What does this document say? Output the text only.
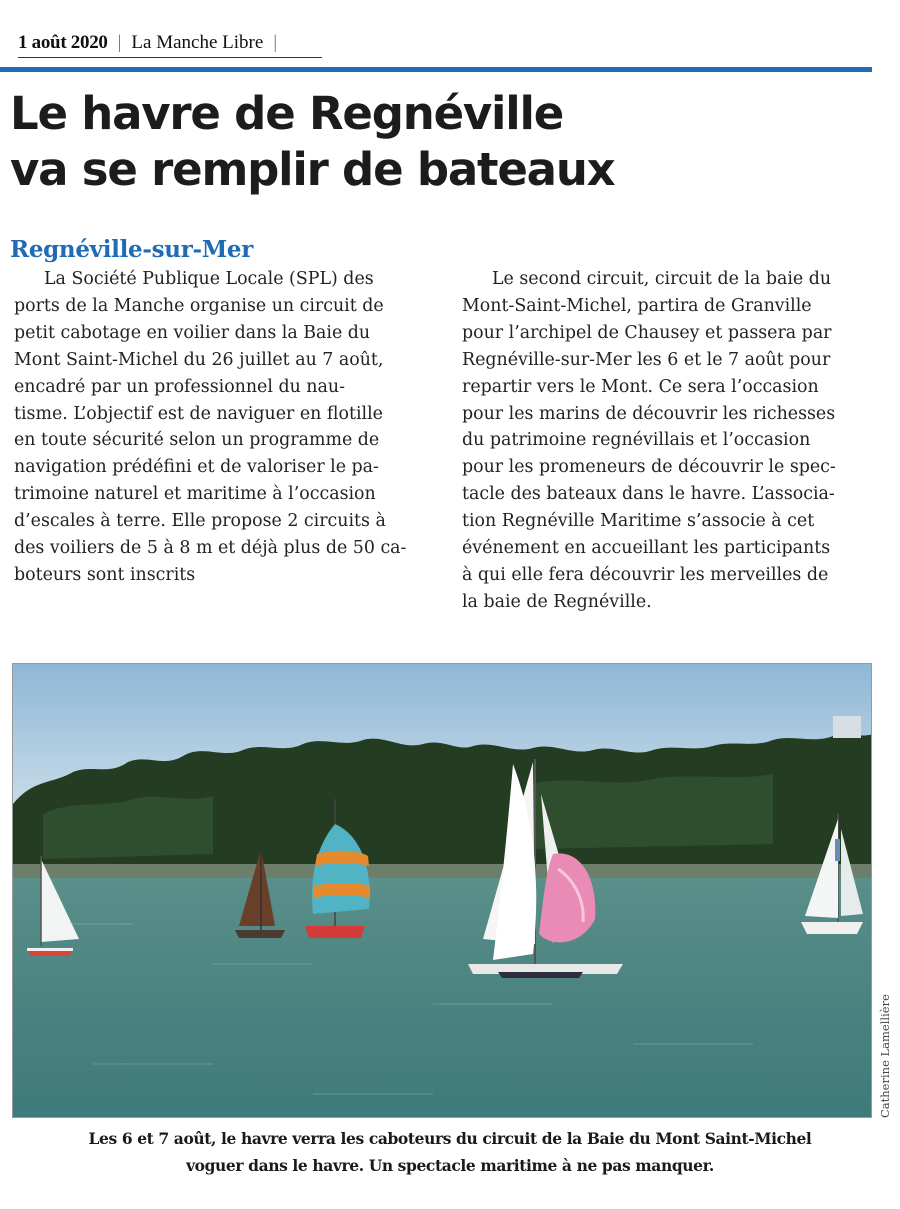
1 août 2020 | La Manche Libre |
Le havre de Regnéville
va se remplir de bateaux
Regnéville-sur-Mer
La Société Publique Locale (SPL) des
ports de la Manche organise un circuit de
petit cabotage en voilier dans la Baie du
Mont Saint-Michel du 26 juillet au 7 août,
encadré par un professionnel du nau-
tisme. L’objectif est de naviguer en flotille
en toute sécurité selon un programme de
navigation prédéfini et de valoriser le pa-
trimoine naturel et maritime à l’occasion
d’escales à terre. Elle propose 2 circuits à
des voiliers de 5 à 8 m et déjà plus de 50 ca-
boteurs sont inscrits
Le second circuit, circuit de la baie du
Mont-Saint-Michel, partira de Granville
pour l’archipel de Chausey et passera par
Regnéville-sur-Mer les 6 et le 7 août pour
repartir vers le Mont. Ce sera l’occasion
pour les marins de découvrir les richesses
du patrimoine regnévillais et l’occasion
pour les promeneurs de découvrir le spec-
tacle des bateaux dans le havre. L’associa-
tion Regnéville Maritime s’associe à cet
événement en accueillant les participants
à qui elle fera découvrir les merveilles de
la baie de Regnéville.
Catherine Lamellière
Les 6 et 7 août, le havre verra les caboteurs du circuit de la Baie du Mont Saint-Michel
voguer dans le havre. Un spectacle maritime à ne pas manquer.
